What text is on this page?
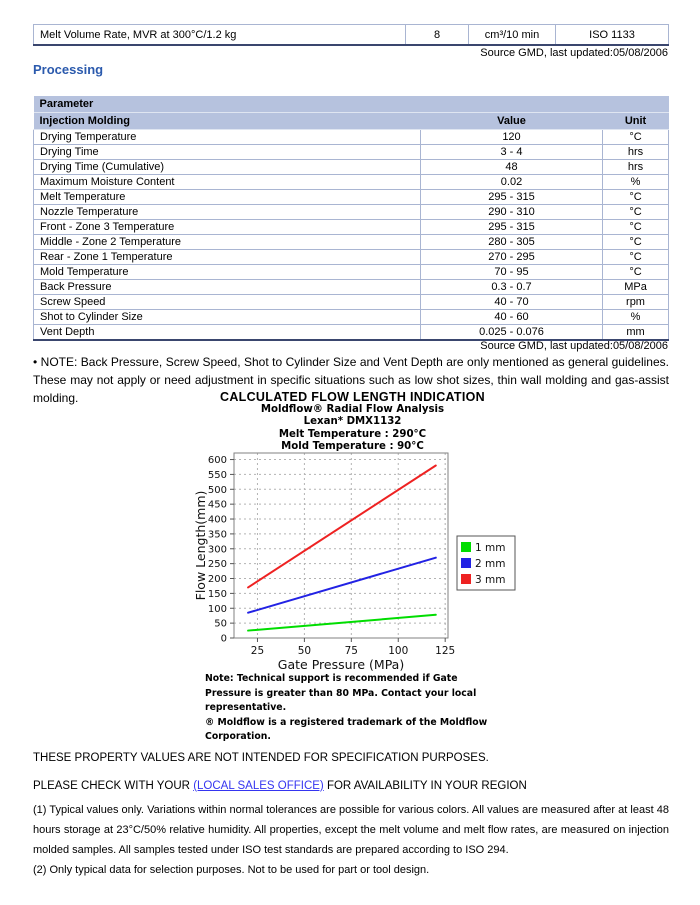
Melt Volume Rate, MVR at 300°C/1.2 kg	8	cm³/10 min	ISO 1133
Source GMD, last updated:05/08/2006
Processing
Parameter		
Injection Molding	Value	Unit
Drying Temperature	120	°C
Drying Time	3 - 4	hrs
Drying Time (Cumulative)	48	hrs
Maximum Moisture Content	0.02	%
Melt Temperature	295 - 315	°C
Nozzle Temperature	290 - 310	°C
Front - Zone 3 Temperature	295 - 315	°C
Middle - Zone 2 Temperature	280 - 305	°C
Rear - Zone 1 Temperature	270 - 295	°C
Mold Temperature	70 - 95	°C
Back Pressure	0.3 - 0.7	MPa
Screw Speed	40 - 70	rpm
Shot to Cylinder Size	40 - 60	%
Vent Depth	0.025 - 0.076	mm
Source GMD, last updated:05/08/2006
• NOTE: Back Pressure, Screw Speed, Shot to Cylinder Size and Vent Depth are only mentioned as general guidelines. These may not apply or need adjustment in specific situations such as low shot sizes, thin wall molding and gas-assist molding.	CALCULATED FLOW LENGTH INDICATION
Moldflow® Radial Flow Analysis
Lexan* DMX1132
Melt Temperature : 290°C
Mold Temperature : 90°C
0
50
100
150
200
250
300
350
400
450
500
550
600
25	50	75	100	125
Gate Pressure (MPa)
Flow Length(mm)	1 mm
2 mm
3 mm
Note: Technical support is recommended if Gate
Pressure is greater than 80 MPa. Contact your local
representative.
® Moldflow is a registered trademark of the Moldflow
Corporation.
THESE PROPERTY VALUES ARE NOT INTENDED FOR SPECIFICATION PURPOSES.
PLEASE CHECK WITH YOUR (LOCAL SALES OFFICE) FOR AVAILABILITY IN YOUR REGION

(1) Typical values only. Variations within normal tolerances are possible for various colors. All values are measured after at least 48 hours storage at 23°C/50% relative humidity. All properties, except the melt volume and melt flow rates, are measured on injection molded samples. All samples tested under ISO test standards are prepared according to ISO 294.

(2) Only typical data for selection purposes. Not to be used for part or tool design.
